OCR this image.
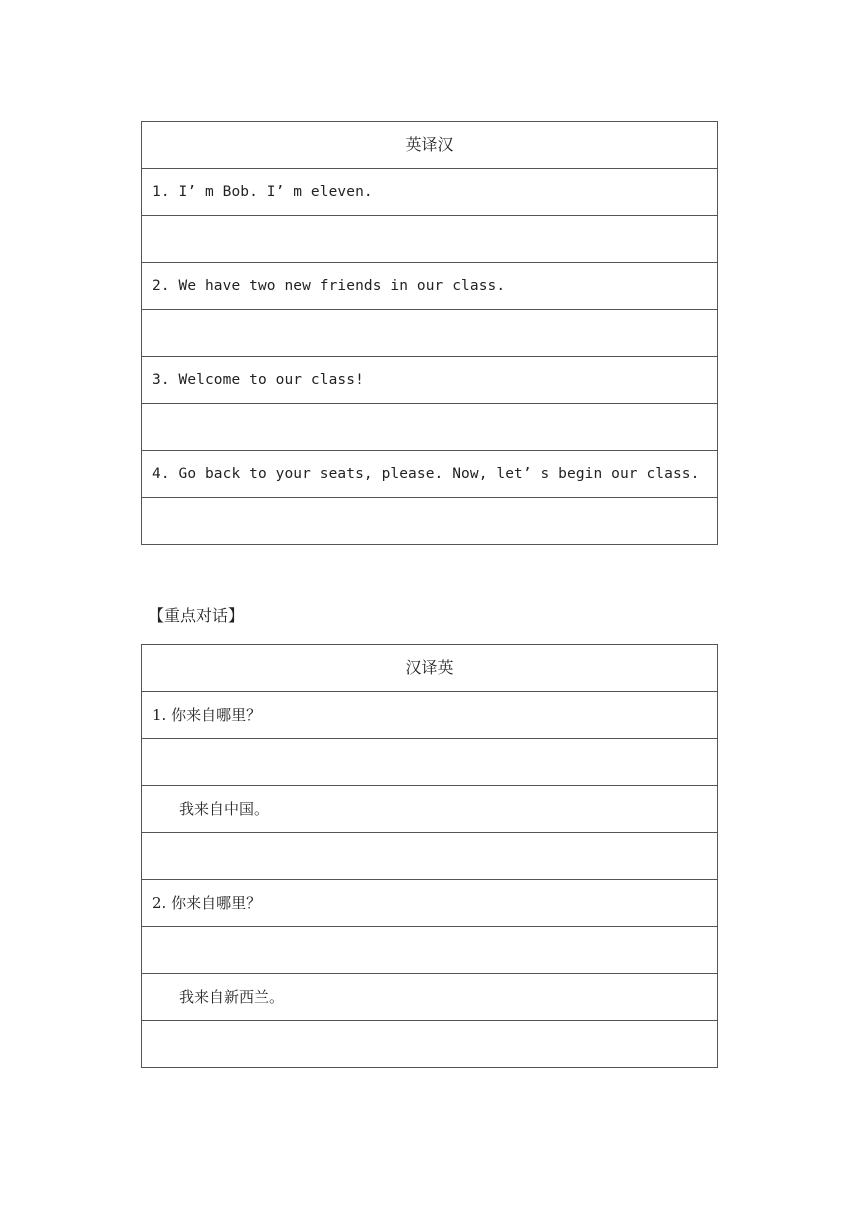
英译汉
1. I’ m Bob. I’ m eleven.

2. We have two new friends in our class.

3. Welcome to our class!

4. Go back to your seats, please. Now, let’ s begin our class.

【重点对话】
汉译英
1. 你来自哪里？

我来自中国。

2. 你来自哪里？

我来自新西兰。
